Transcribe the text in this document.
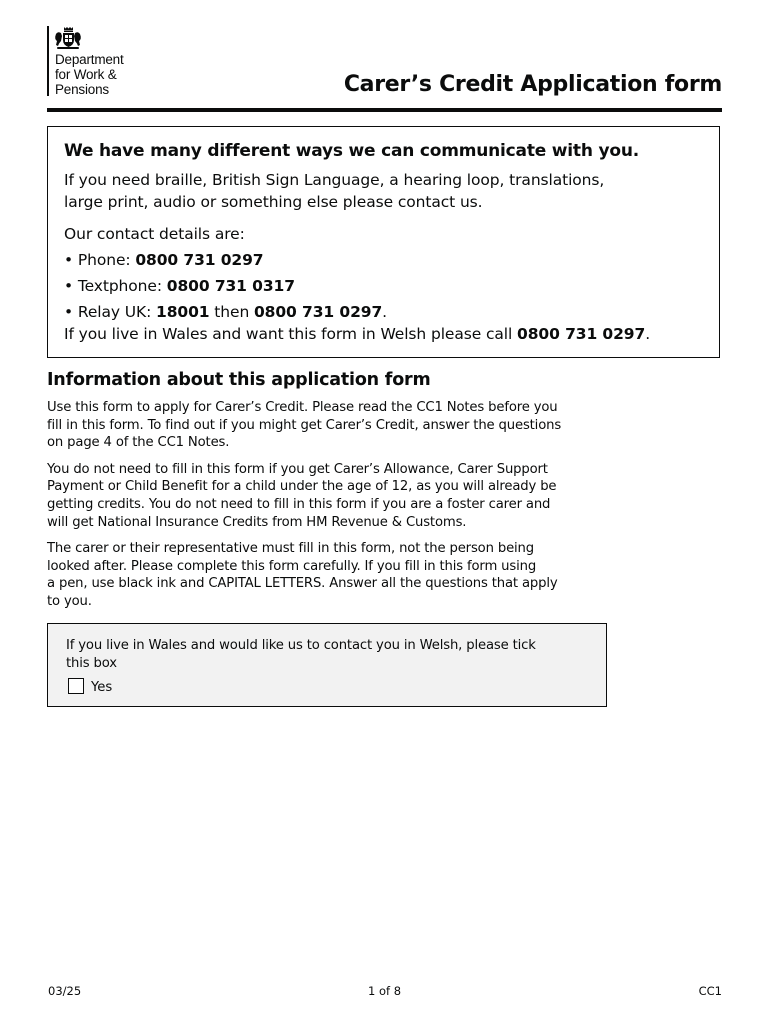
Department
for Work &
Pensions	Carer’s Credit Application form

We have many different ways we can communicate with you.

If you need braille, British Sign Language, a hearing loop, translations,
large print, audio or something else please contact us.

Our contact details are:

• Phone: 0800 731 0297

• Textphone: 0800 731 0317

• Relay UK: 18001 then 0800 731 0297.

If you live in Wales and want this form in Welsh please call 0800 731 0297.

Information about this application form

Use this form to apply for Carer’s Credit. Please read the CC1 Notes before you
fill in this form. To find out if you might get Carer’s Credit, answer the questions
on page 4 of the CC1 Notes.

You do not need to fill in this form if you get Carer’s Allowance, Carer Support
Payment or Child Benefit for a child under the age of 12, as you will already be
getting credits. You do not need to fill in this form if you are a foster carer and
will get National Insurance Credits from HM Revenue & Customs.

The carer or their representative must fill in this form, not the person being
looked after. Please complete this form carefully. If you fill in this form using
a pen, use black ink and CAPITAL LETTERS. Answer all the questions that apply
to you.

If you live in Wales and would like us to contact you in Welsh, please tick
this box

Yes
03/25	1 of 8	CC1
